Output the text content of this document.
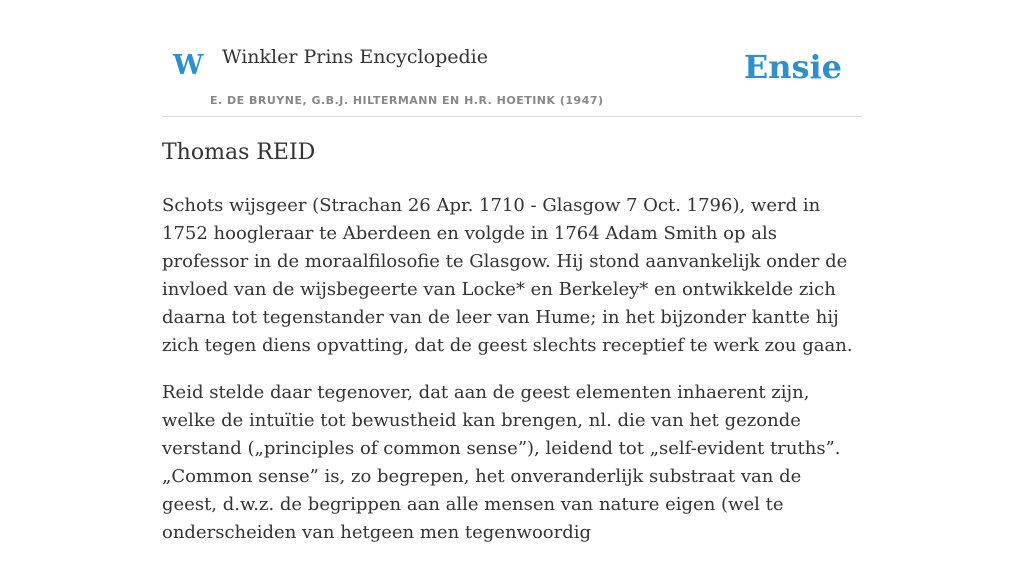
W Winkler Prins Encyclopedie
E. DE BRUYNE, G.B.J. HILTERMANN EN H.R. HOETINK (1947)
Ensie
Thomas REID

Schots wijsgeer (Strachan 26 Apr. 1710 - Glasgow 7 Oct. 1796), werd in 1752 hoogleraar te Aberdeen en volgde in 1764 Adam Smith op als professor in de moraalfilosofie te Glasgow. Hij stond aanvankelijk onder de invloed van de wijsbegeerte van Locke* en Berkeley* en ontwikkelde zich daarna tot tegenstander van de leer van Hume; in het bijzonder kantte hij zich tegen diens opvatting, dat de geest slechts receptief te werk zou gaan.

Reid stelde daar tegenover, dat aan de geest elementen inhaerent zijn, welke de intuïtie tot bewustheid kan brengen, nl. die van het gezonde verstand („principles of common sense”), leidend tot „self-evident truths”. „Common sense” is, zo begrepen, het onveranderlijk substraat van de geest, d.w.z. de begrippen aan alle mensen van nature eigen (wel te onderscheiden van hetgeen men tegenwoordig
